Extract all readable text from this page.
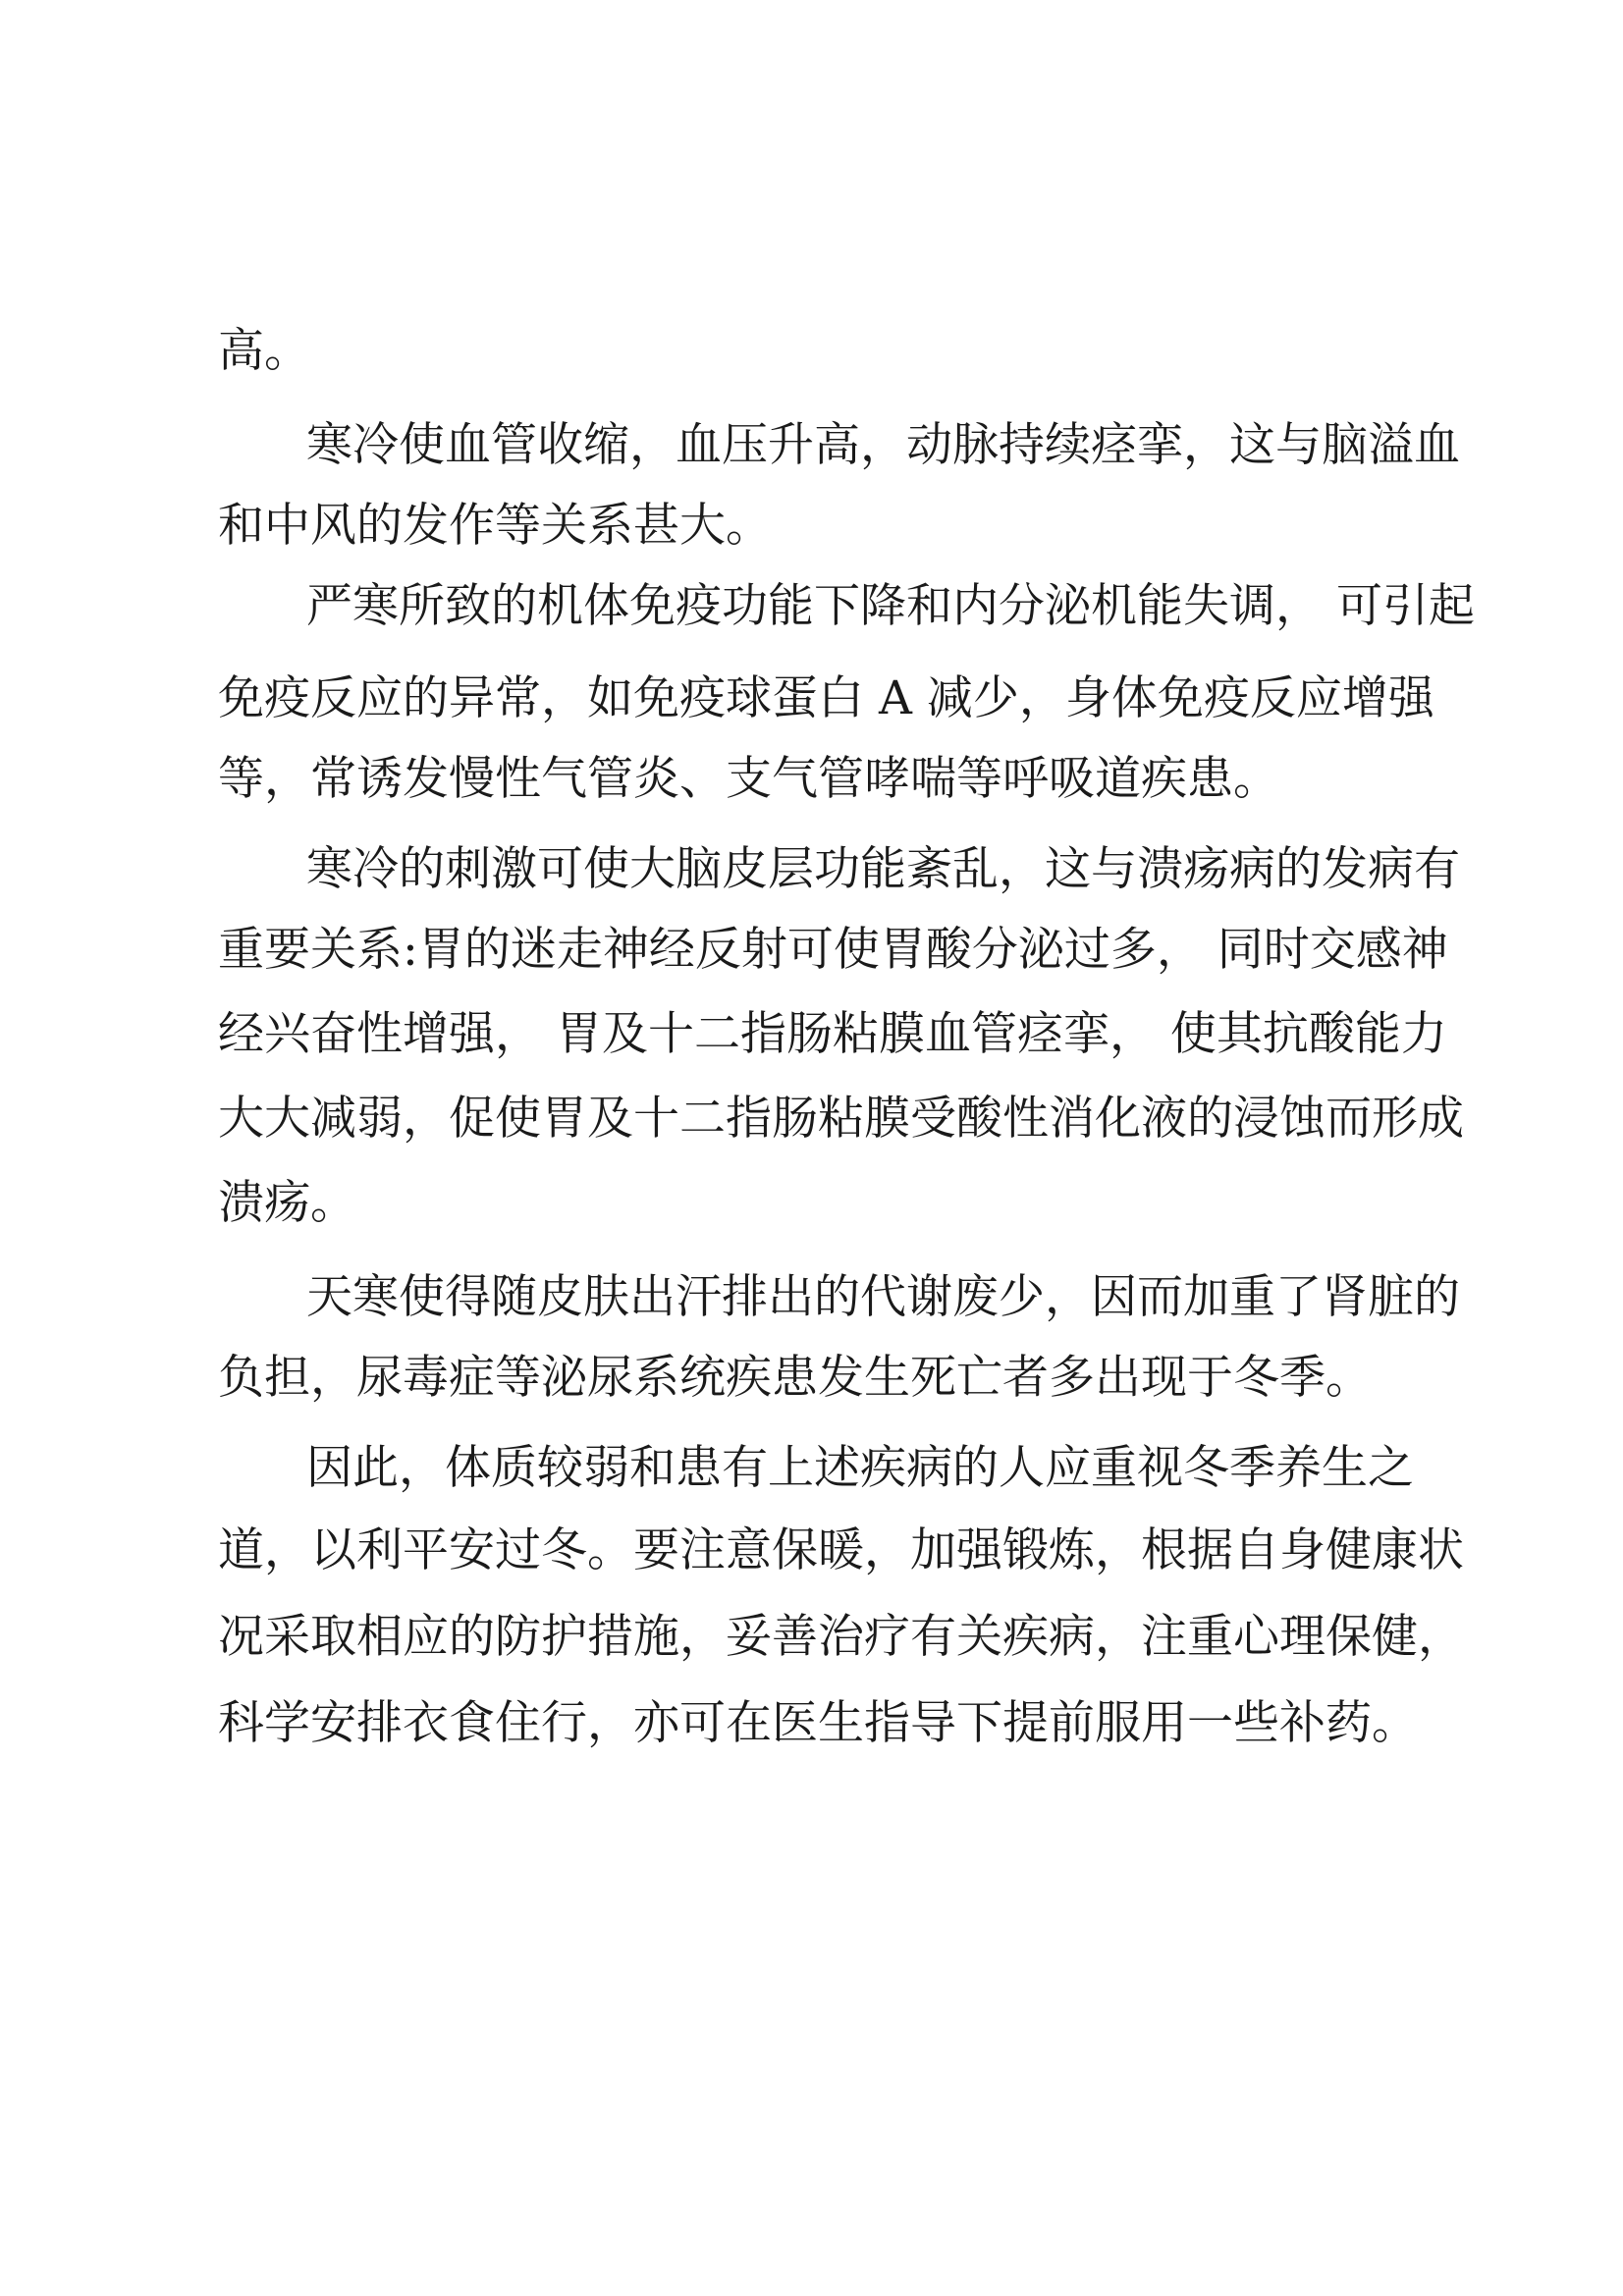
高。
寒冷使血管收缩，血压升高，动脉持续痉挛，这与脑溢血
和中风的发作等关系甚大。
严寒所致的机体免疫功能下降和内分泌机能失调， 可引起
免疫反应的异常，如免疫球蛋白 A 减少，身体免疫反应增强
等，常诱发慢性气管炎、支气管哮喘等呼吸道疾患。
寒冷的刺激可使大脑皮层功能紊乱，这与溃疡病的发病有
重要关系:胃的迷走神经反射可使胃酸分泌过多， 同时交感神
经兴奋性增强， 胃及十二指肠粘膜血管痉挛， 使其抗酸能力
大大减弱，促使胃及十二指肠粘膜受酸性消化液的浸蚀而形成
溃疡。
天寒使得随皮肤出汗排出的代谢废少，因而加重了肾脏的
负担，尿毒症等泌尿系统疾患发生死亡者多出现于冬季。
因此，体质较弱和患有上述疾病的人应重视冬季养生之
道，以利平安过冬。要注意保暖，加强锻炼，根据自身健康状
况采取相应的防护措施，妥善治疗有关疾病，注重心理保健，
科学安排衣食住行，亦可在医生指导下提前服用一些补药。
